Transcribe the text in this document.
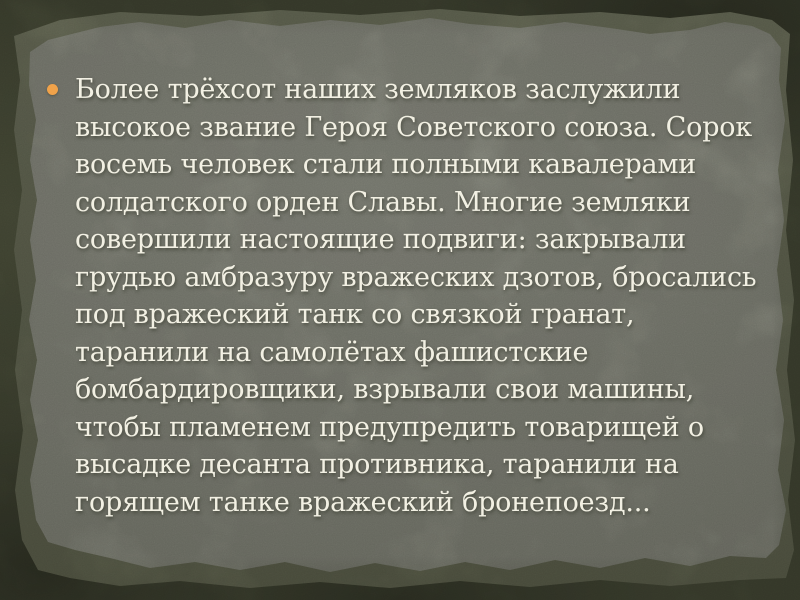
Более трёхсот наших земляков заслужили
высокое звание Героя Советского союза. Сорок
восемь человек стали полными кавалерами
солдатского орден Славы. Многие земляки
совершили настоящие подвиги: закрывали
грудью амбразуру вражеских дзотов, бросались
под вражеский танк со связкой гранат,
таранили на самолётах фашистские
бомбардировщики, взрывали свои машины,
чтобы пламенем предупредить товарищей о
высадке десанта противника, таранили на
горящем танке вражеский бронепоезд...
